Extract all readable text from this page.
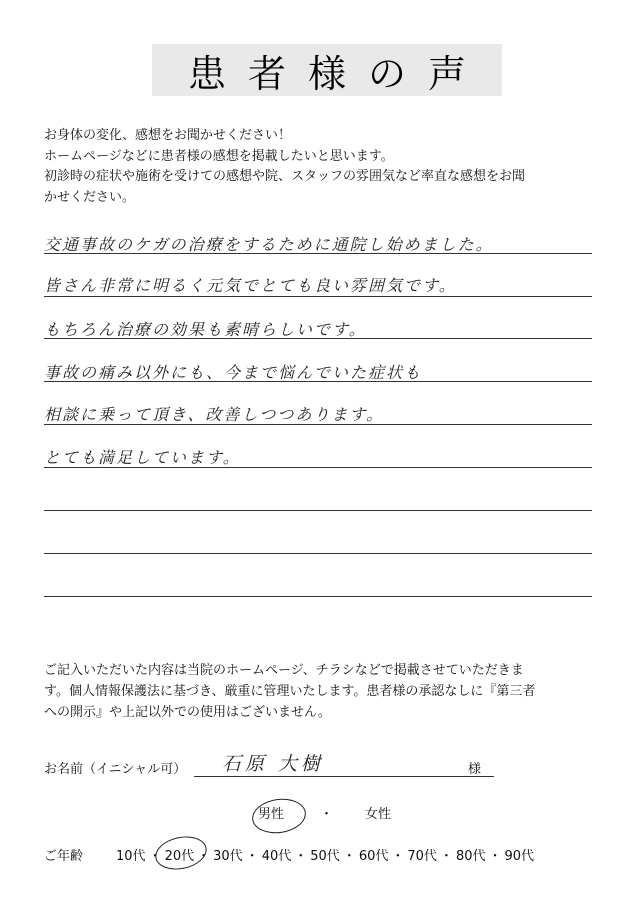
患者様の声
お身体の変化、感想をお聞かせください！
ホームページなどに患者様の感想を掲載したいと思います。
初診時の症状や施術を受けての感想や院、スタッフの雰囲気など率直な感想をお聞
かせください。
交通事故のケガの治療をするために通院し始めました。
皆さん非常に明るく元気でとても良い雰囲気です。
もちろん治療の効果も素晴らしいです。
事故の痛み以外にも、今まで悩んでいた症状も
相談に乗って頂き、改善しつつあります。
とても満足しています。
ご記入いただいた内容は当院のホームページ、チラシなどで掲載させていただきま
す。個人情報保護法に基づき、厳重に管理いたします。患者様の承認なしに『第三者
への開示』や上記以外での使用はございません。
お名前（イニシャル可） 石原 大樹	様
男性	・ 女性
ご年齢	10代 ・ 20代 ・ 30代 ・ 40代 ・ 50代 ・ 60代 ・ 70代 ・ 80代 ・ 90代
